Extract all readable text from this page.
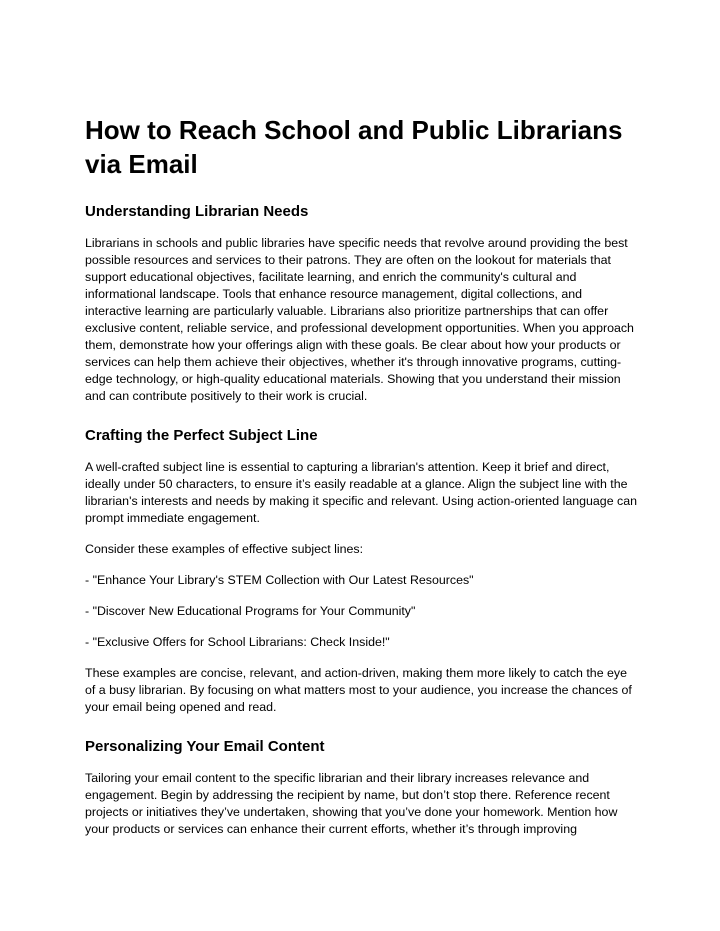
How to Reach School and Public Librarians via Email
Understanding Librarian Needs

Librarians in schools and public libraries have specific needs that revolve around providing the best possible resources and services to their patrons. They are often on the lookout for materials that support educational objectives, facilitate learning, and enrich the community's cultural and informational landscape. Tools that enhance resource management, digital collections, and interactive learning are particularly valuable. Librarians also prioritize partnerships that can offer exclusive content, reliable service, and professional development opportunities. When you approach them, demonstrate how your offerings align with these goals. Be clear about how your products or services can help them achieve their objectives, whether it's through innovative programs, cutting-edge technology, or high-quality educational materials. Showing that you understand their mission and can contribute positively to their work is crucial.

Crafting the Perfect Subject Line

A well-crafted subject line is essential to capturing a librarian's attention. Keep it brief and direct, ideally under 50 characters, to ensure it’s easily readable at a glance. Align the subject line with the librarian's interests and needs by making it specific and relevant. Using action-oriented language can prompt immediate engagement.

Consider these examples of effective subject lines:

- "Enhance Your Library's STEM Collection with Our Latest Resources"

- "Discover New Educational Programs for Your Community"

- "Exclusive Offers for School Librarians: Check Inside!"

These examples are concise, relevant, and action-driven, making them more likely to catch the eye of a busy librarian. By focusing on what matters most to your audience, you increase the chances of your email being opened and read.

Personalizing Your Email Content

Tailoring your email content to the specific librarian and their library increases relevance and engagement. Begin by addressing the recipient by name, but don’t stop there. Reference recent projects or initiatives they’ve undertaken, showing that you’ve done your homework. Mention how your products or services can enhance their current efforts, whether it’s through improving
